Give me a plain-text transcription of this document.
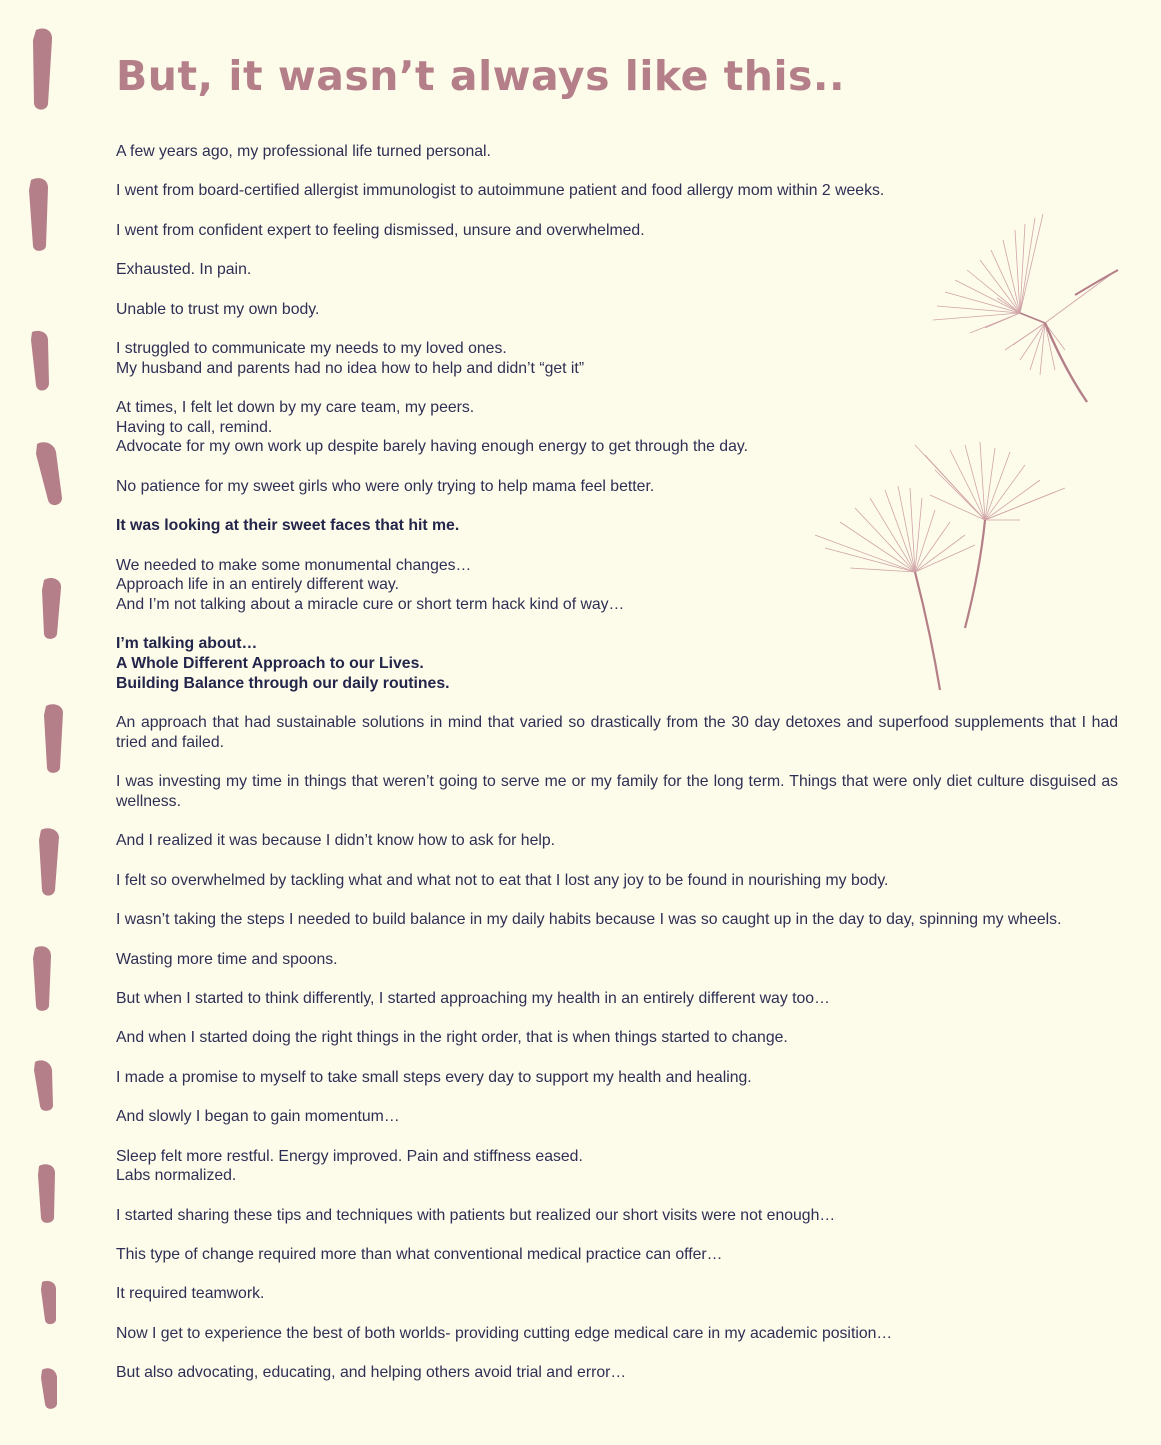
But, it wasn’t always like this..

A few years ago, my professional life turned personal.

I went from board-certified allergist immunologist to autoimmune patient and food allergy mom within 2 weeks.

I went from confident expert to feeling dismissed, unsure and overwhelmed.

Exhausted. In pain.

Unable to trust my own body.

I struggled to communicate my needs to my loved ones.
My husband and parents had no idea how to help and didn’t “get it”

At times, I felt let down by my care team, my peers.
Having to call, remind.
Advocate for my own work up despite barely having enough energy to get through the day.

No patience for my sweet girls who were only trying to help mama feel better.

It was looking at their sweet faces that hit me.

We needed to make some monumental changes…
Approach life in an entirely different way.
And I’m not talking about a miracle cure or short term hack kind of way…

I’m talking about…
A Whole Different Approach to our Lives.
Building Balance through our daily routines.

An approach that had sustainable solutions in mind that varied so drastically from the 30 day detoxes and superfood supplements that I had tried and failed.

I was investing my time in things that weren’t going to serve me or my family for the long term. Things that were only diet culture disguised as wellness.

And I realized it was because I didn’t know how to ask for help.

I felt so overwhelmed by tackling what and what not to eat that I lost any joy to be found in nourishing my body.

I wasn’t taking the steps I needed to build balance in my daily habits because I was so caught up in the day to day, spinning my wheels.

Wasting more time and spoons.

But when I started to think differently, I started approaching my health in an entirely different way too…

And when I started doing the right things in the right order, that is when things started to change.

I made a promise to myself to take small steps every day to support my health and healing.

And slowly I began to gain momentum…

Sleep felt more restful. Energy improved. Pain and stiffness eased.
Labs normalized.

I started sharing these tips and techniques with patients but realized our short visits were not enough…

This type of change required more than what conventional medical practice can offer…

It required teamwork.

Now I get to experience the best of both worlds- providing cutting edge medical care in my academic position…

But also advocating, educating, and helping others avoid trial and error…
